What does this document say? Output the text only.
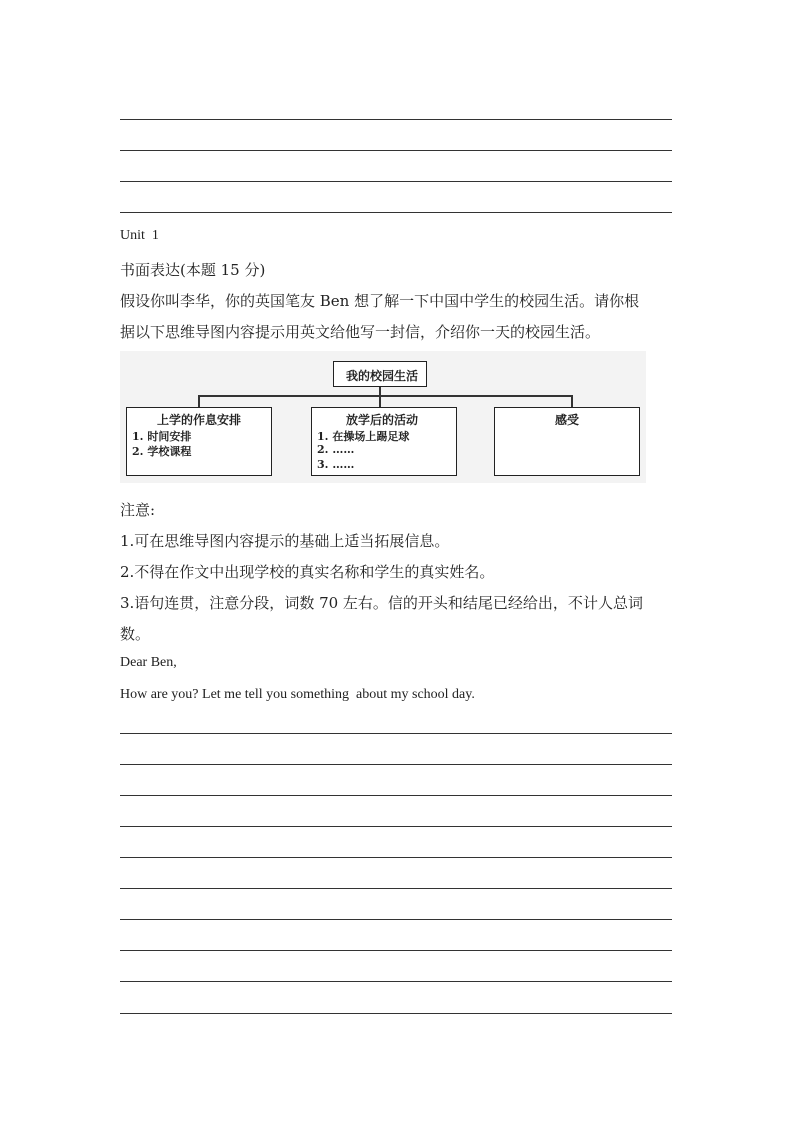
Unit  1
书面表达(本题 15 分)
假设你叫李华，你的英国笔友 Ben 想了解一下中国中学生的校园生活。请你根
据以下思维导图内容提示用英文给他写一封信，介绍你一天的校园生活。
我的校园生活
上学的作息安排
1. 时间安排
2. 学校课程
放学后的活动
1. 在操场上踢足球
2. ……
3. ……
感受
注意:
1.可在思维导图内容提示的基础上适当拓展信息。
2.不得在作文中出现学校的真实名称和学生的真实姓名。
3.语句连贯，注意分段，词数 70 左右。信的开头和结尾已经给出，不计人总词
数。
Dear Ben,
How are you? Let me tell you something  about my school day.
